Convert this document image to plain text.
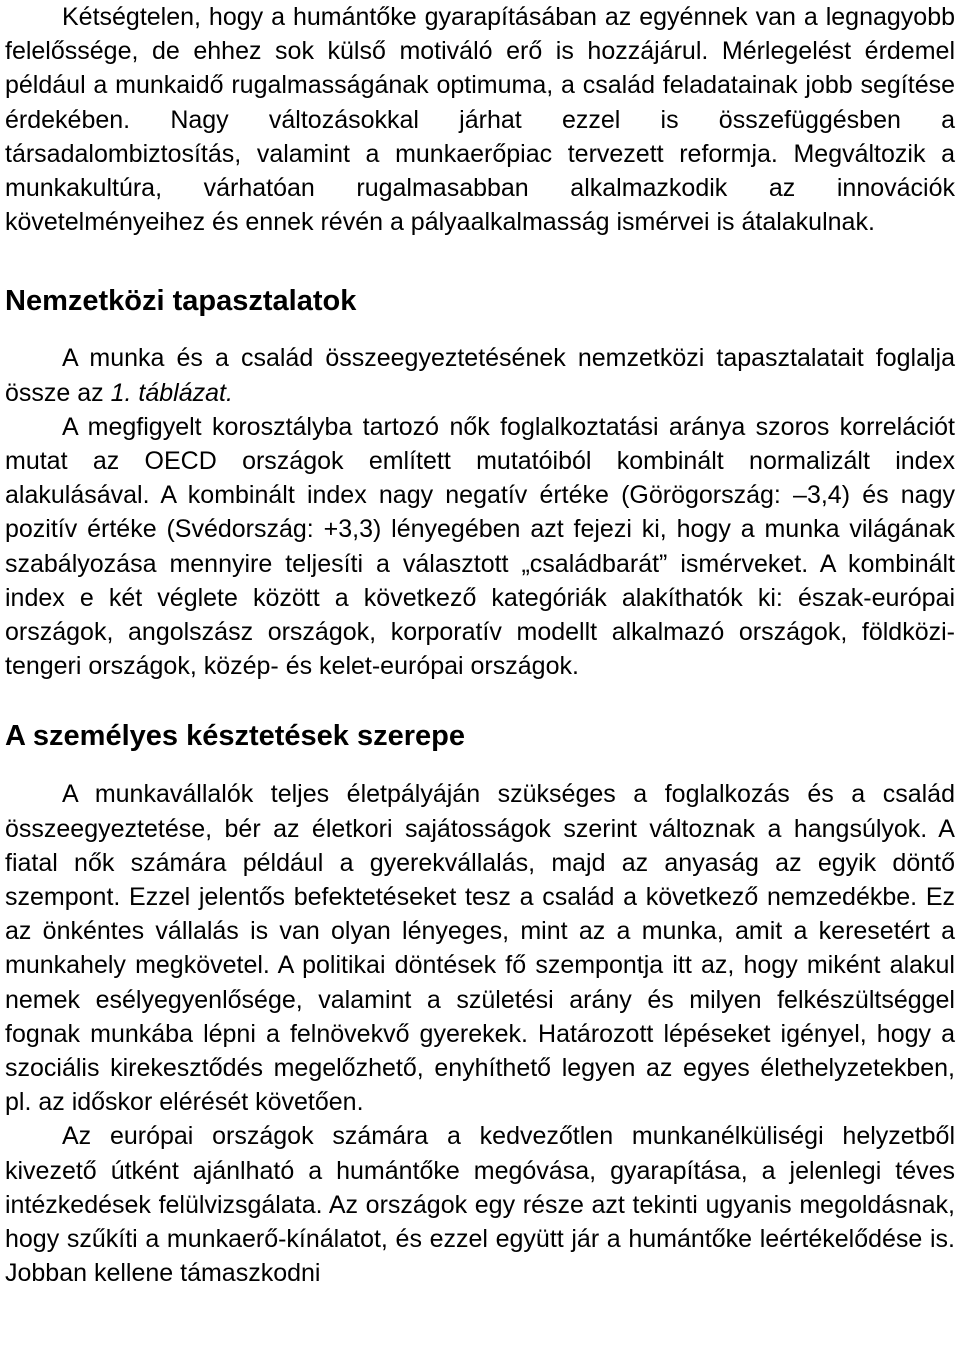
Kétségtelen, hogy a humántőke gyarapításában az egyénnek van a legnagyobb felelőssége, de ehhez sok külső motiváló erő is hozzájárul. Mérlegelést érdemel például a munkaidő rugalmasságának optimuma, a család feladatainak jobb segítése érdekében. Nagy változásokkal járhat ezzel is összefüggésben a társadalombiztosítás, valamint a munkaerőpiac tervezett reformja. Megváltozik a munkakultúra, várhatóan rugalmasabban alkalmazkodik az innovációk követelményeihez és ennek révén a pályaalkalmasság ismérvei is átalakulnak.

Nemzetközi tapasztalatok

A munka és a család összeegyeztetésének nemzetközi tapasztalatait foglalja össze az 1. táblázat.

A megfigyelt korosztályba tartozó nők foglalkoztatási aránya szoros korrelációt mutat az OECD országok említett mutatóiból kombinált normalizált index alakulásával. A kombinált index nagy negatív értéke (Görögország: –3,4) és nagy pozitív értéke (Svédország: +3,3) lényegében azt fejezi ki, hogy a munka világának szabályozása mennyire teljesíti a választott „családbarát” ismérveket. A kombinált index e két véglete között a következő kategóriák alakíthatók ki: észak-európai országok, angolszász országok, korporatív modellt alkalmazó országok, földközitengeri országok, közép- és kelet-európai országok.

A személyes késztetések szerepe

A munkavállalók teljes életpályáján szükséges a foglalkozás és a család összeegyeztetése, bér az életkori sajátosságok szerint változnak a hangsúlyok. A fiatal nők számára például a gyerekvállalás, majd az anyaság az egyik döntő szempont. Ezzel jelentős befektetéseket tesz a család a következő nemzedékbe. Ez az önkéntes vállalás is van olyan lényeges, mint az a munka, amit a keresetért a munkahely megkövetel. A politikai döntések fő szempontja itt az, hogy miként alakul nemek esélyegyenlősége, valamint a születési arány és milyen felkészültséggel fognak munkába lépni a felnövekvő gyerekek. Határozott lépéseket igényel, hogy a szociális kirekesztődés megelőzhető, enyhíthető legyen az egyes élethelyzetekben, pl. az időskor elérését követően.

Az európai országok számára a kedvezőtlen munkanélküliségi helyzetből kivezető útként ajánlható a humántőke megóvása, gyarapítása, a jelenlegi téves intézkedések felülvizsgálata. Az országok egy része azt tekinti ugyanis megoldásnak, hogy szűkíti a munkaerő-kínálatot, és ezzel együtt jár a humántőke leértékelődése is. Jobban kellene támaszkodni
